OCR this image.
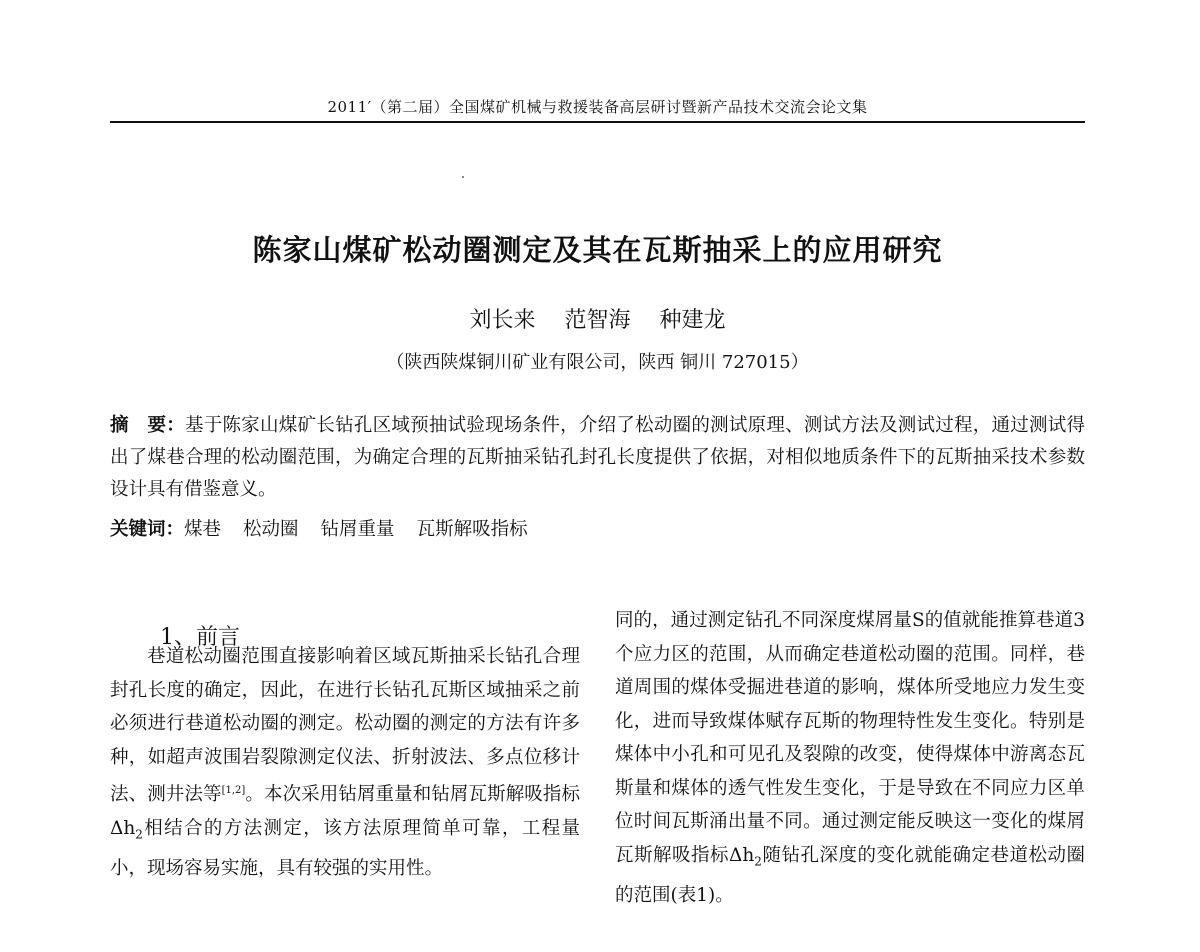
2011′（第二届）全国煤矿机械与救援装备高层研讨暨新产品技术交流会论文集
陈家山煤矿松动圈测定及其在瓦斯抽采上的应用研究
刘长来 范智海 种建龙
（陕西陕煤铜川矿业有限公司，陕西 铜川 727015）
摘　要：基于陈家山煤矿长钻孔区域预抽试验现场条件，介绍了松动圈的测试原理、测试方法及测试过程，通过测试得出了煤巷合理的松动圈范围，为确定合理的瓦斯抽采钻孔封孔长度提供了依据，对相似地质条件下的瓦斯抽采技术参数设计具有借鉴意义。
关键词：煤巷 松动圈 钻屑重量 瓦斯解吸指标
1、前言

巷道松动圈范围直接影响着区域瓦斯抽采长钻孔合理封孔长度的确定，因此，在进行长钻孔瓦斯区域抽采之前必须进行巷道松动圈的测定。松动圈的测定的方法有许多种，如超声波围岩裂隙测定仪法、折射波法、多点位移计法、测井法等[1,2]。本次采用钻屑重量和钻屑瓦斯解吸指标$\Delta h_2$相结合的方法测定，该方法原理简单可靠，工程量小，现场容易实施，具有较强的实用性。

同的，通过测定钻孔不同深度煤屑量S的值就能推算巷道3个应力区的范围，从而确定巷道松动圈的范围。同样，巷道周围的煤体受掘进巷道的影响，煤体所受地应力发生变化，进而导致煤体赋存瓦斯的物理特性发生变化。特别是煤体中小孔和可见孔及裂隙的改变，使得煤体中游离态瓦斯量和煤体的透气性发生变化，于是导致在不同应力区单位时间瓦斯涌出量不同。通过测定能反映这一变化的煤屑瓦斯解吸指标$\Delta h_2$随钻孔深度的变化就能确定巷道松动圈的范围(表1)。
